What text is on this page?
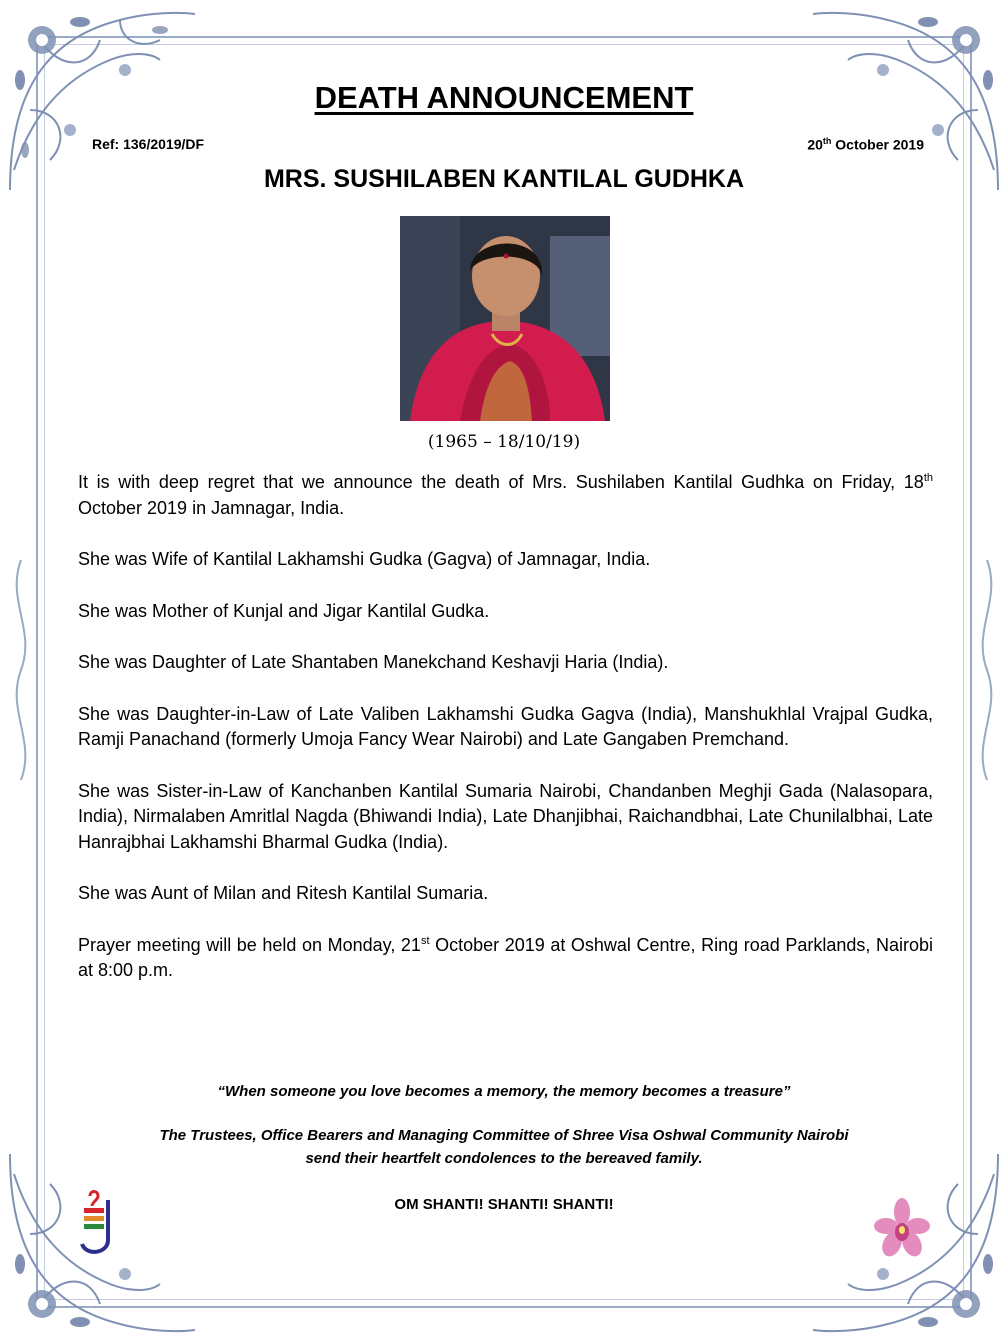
DEATH ANNOUNCEMENT
Ref: 136/2019/DF	20th October 2019
MRS. SUSHILABEN KANTILAL GUDHKA
(1965 – 18/10/19)

It is with deep regret that we announce the death of Mrs. Sushilaben Kantilal Gudhka on Friday, 18th October 2019 in Jamnagar, India.

She was Wife of Kantilal Lakhamshi Gudka (Gagva) of Jamnagar, India.

She was Mother of Kunjal and Jigar Kantilal Gudka.

She was Daughter of Late Shantaben Manekchand Keshavji Haria (India).

She was Daughter-in-Law of Late Valiben Lakhamshi Gudka Gagva (India), Manshukhlal Vrajpal Gudka, Ramji Panachand (formerly Umoja Fancy Wear Nairobi) and Late Gangaben Premchand.

She was Sister-in-Law of Kanchanben Kantilal Sumaria Nairobi, Chandanben Meghji Gada (Nalasopara, India), Nirmalaben Amritlal Nagda (Bhiwandi India), Late Dhanjibhai, Raichandbhai, Late Chunilalbhai, Late Hanrajbhai Lakhamshi Bharmal Gudka (India).

She was Aunt of Milan and Ritesh Kantilal Sumaria.

Prayer meeting will be held on Monday, 21st October 2019 at Oshwal Centre, Ring road Parklands, Nairobi at 8:00 p.m.

“When someone you love becomes a memory, the memory becomes a treasure”
The Trustees, Office Bearers and Managing Committee of Shree Visa Oshwal Community Nairobi
send their heartfelt condolences to the bereaved family.
OM SHANTI! SHANTI! SHANTI!
